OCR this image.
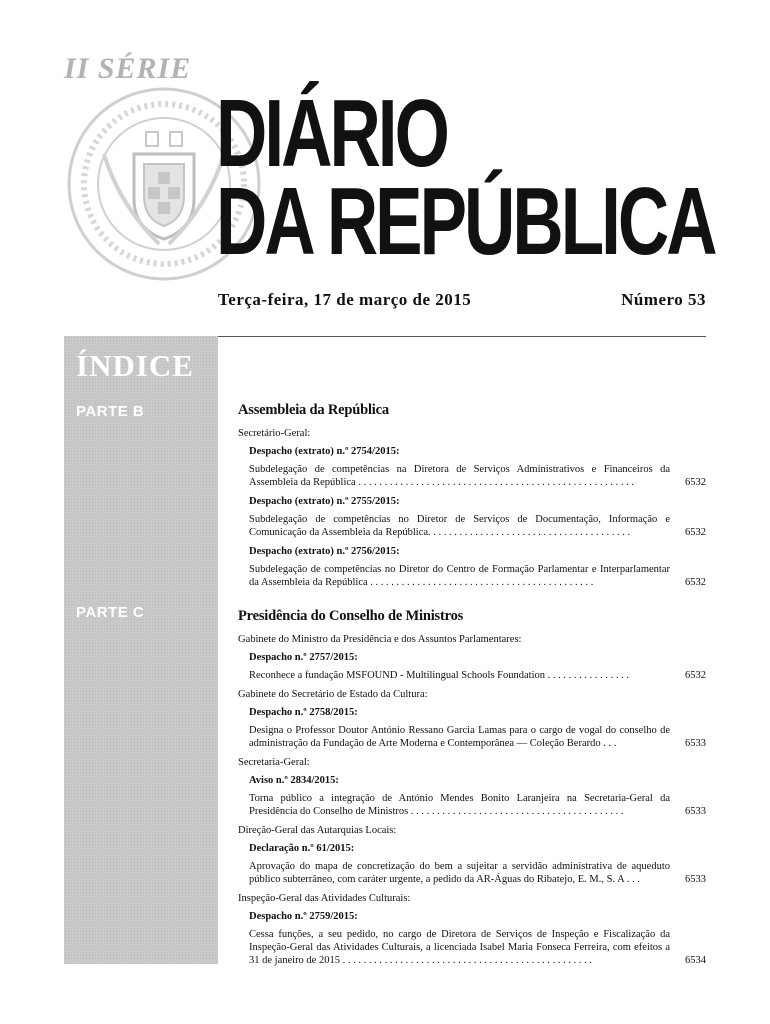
II SÉRIE
DIÁRIO
DA REPÚBLICA
Terça-feira, 17 de março de 2015	Número 53
ÍNDICE
PARTE B
PARTE C
Assembleia da República
Secretário-Geral:
Despacho (extrato) n.º 2754/2015:
Subdelegação de competências na Diretora de Serviços Administrativos e Financeiros da Assembleia da República . . . . . . . . . . . . . . . . . . . . . . . . . . . . . . . . . . . . . . . . . . . . . . . . . . . . .	6532
Despacho (extrato) n.º 2755/2015:
Subdelegação de competências no Diretor de Serviços de Documentação, Informação e Comunicação da Assembleia da República. . . . . . . . . . . . . . . . . . . . . . . . . . . . . . . . . . . . . . .	6532
Despacho (extrato) n.º 2756/2015:
Subdelegação de competências no Diretor do Centro de Formação Parlamentar e Interparlamentar da Assembleia da República . . . . . . . . . . . . . . . . . . . . . . . . . . . . . . . . . . . . . . . . . . .	6532
Presidência do Conselho de Ministros
Gabinete do Ministro da Presidência e dos Assuntos Parlamentares:
Despacho n.º 2757/2015:
Reconhece a fundação MSFOUND - Multilingual Schools Foundation . . . . . . . . . . . . . . . .	6532
Gabinete do Secretário de Estado da Cultura:
Despacho n.º 2758/2015:
Designa o Professor Doutor António Ressano Garcia Lamas para o cargo de vogal do conselho de administração da Fundação de Arte Moderna e Contemporânea — Coleção Berardo . . .	6533
Secretaria-Geral:
Aviso n.º 2834/2015:
Torna público a integração de António Mendes Bonito Laranjeira na Secretaria-Geral da Presidência do Conselho de Ministros . . . . . . . . . . . . . . . . . . . . . . . . . . . . . . . . . . . . . . . . .	6533
Direção-Geral das Autarquias Locais:
Declaração n.º 61/2015:
Aprovação do mapa de concretização do bem a sujeitar a servidão administrativa de aqueduto público subterrâneo, com caráter urgente, a pedido da AR-Águas do Ribatejo, E. M., S. A . . .	6533
Inspeção-Geral das Atividades Culturais:
Despacho n.º 2759/2015:
Cessa funções, a seu pedido, no cargo de Diretora de Serviços de Inspeção e Fiscalização da Inspeção-Geral das Atividades Culturais, a licenciada Isabel Maria Fonseca Ferreira, com efeitos a 31 de janeiro de 2015 . . . . . . . . . . . . . . . . . . . . . . . . . . . . . . . . . . . . . . . . . . . . . . . .	6534
